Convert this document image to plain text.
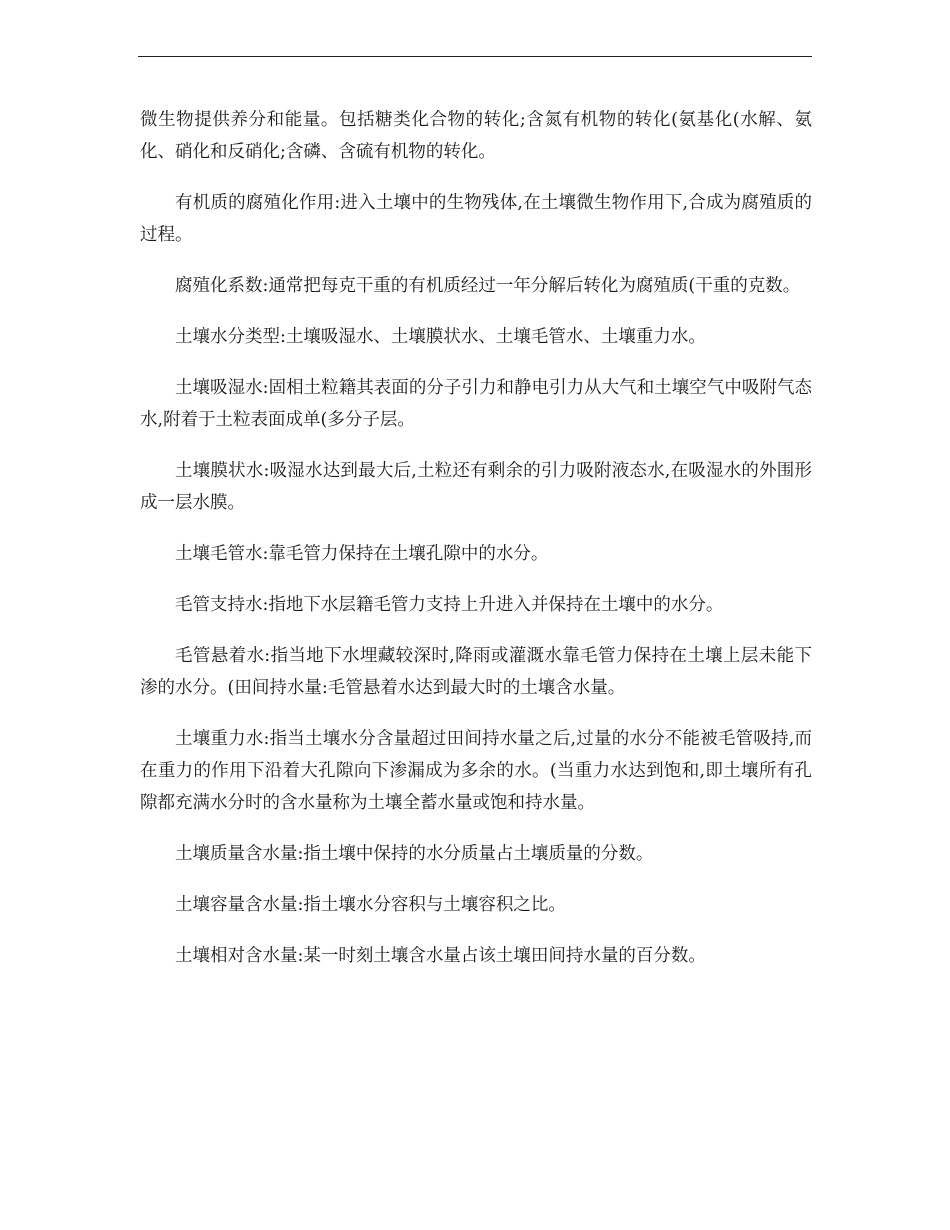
微生物提供养分和能量。包括糖类化合物的转化;含氮有机物的转化(氨基化(水解、氨化、硝化和反硝化;含磷、含硫有机物的转化。

有机质的腐殖化作用:进入土壤中的生物残体,在土壤微生物作用下,合成为腐殖质的过程。

腐殖化系数:通常把每克干重的有机质经过一年分解后转化为腐殖质(干重的克数。

土壤水分类型:土壤吸湿水、土壤膜状水、土壤毛管水、土壤重力水。

土壤吸湿水:固相土粒籍其表面的分子引力和静电引力从大气和土壤空气中吸附气态水,附着于土粒表面成单(多分子层。

土壤膜状水:吸湿水达到最大后,土粒还有剩余的引力吸附液态水,在吸湿水的外围形成一层水膜。

土壤毛管水:靠毛管力保持在土壤孔隙中的水分。

毛管支持水:指地下水层籍毛管力支持上升进入并保持在土壤中的水分。

毛管悬着水:指当地下水埋藏较深时,降雨或灌溉水靠毛管力保持在土壤上层未能下渗的水分。(田间持水量:毛管悬着水达到最大时的土壤含水量。

土壤重力水:指当土壤水分含量超过田间持水量之后,过量的水分不能被毛管吸持,而在重力的作用下沿着大孔隙向下渗漏成为多余的水。(当重力水达到饱和,即土壤所有孔隙都充满水分时的含水量称为土壤全蓄水量或饱和持水量。

土壤质量含水量:指土壤中保持的水分质量占土壤质量的分数。

土壤容量含水量:指土壤水分容积与土壤容积之比。

土壤相对含水量:某一时刻土壤含水量占该土壤田间持水量的百分数。
